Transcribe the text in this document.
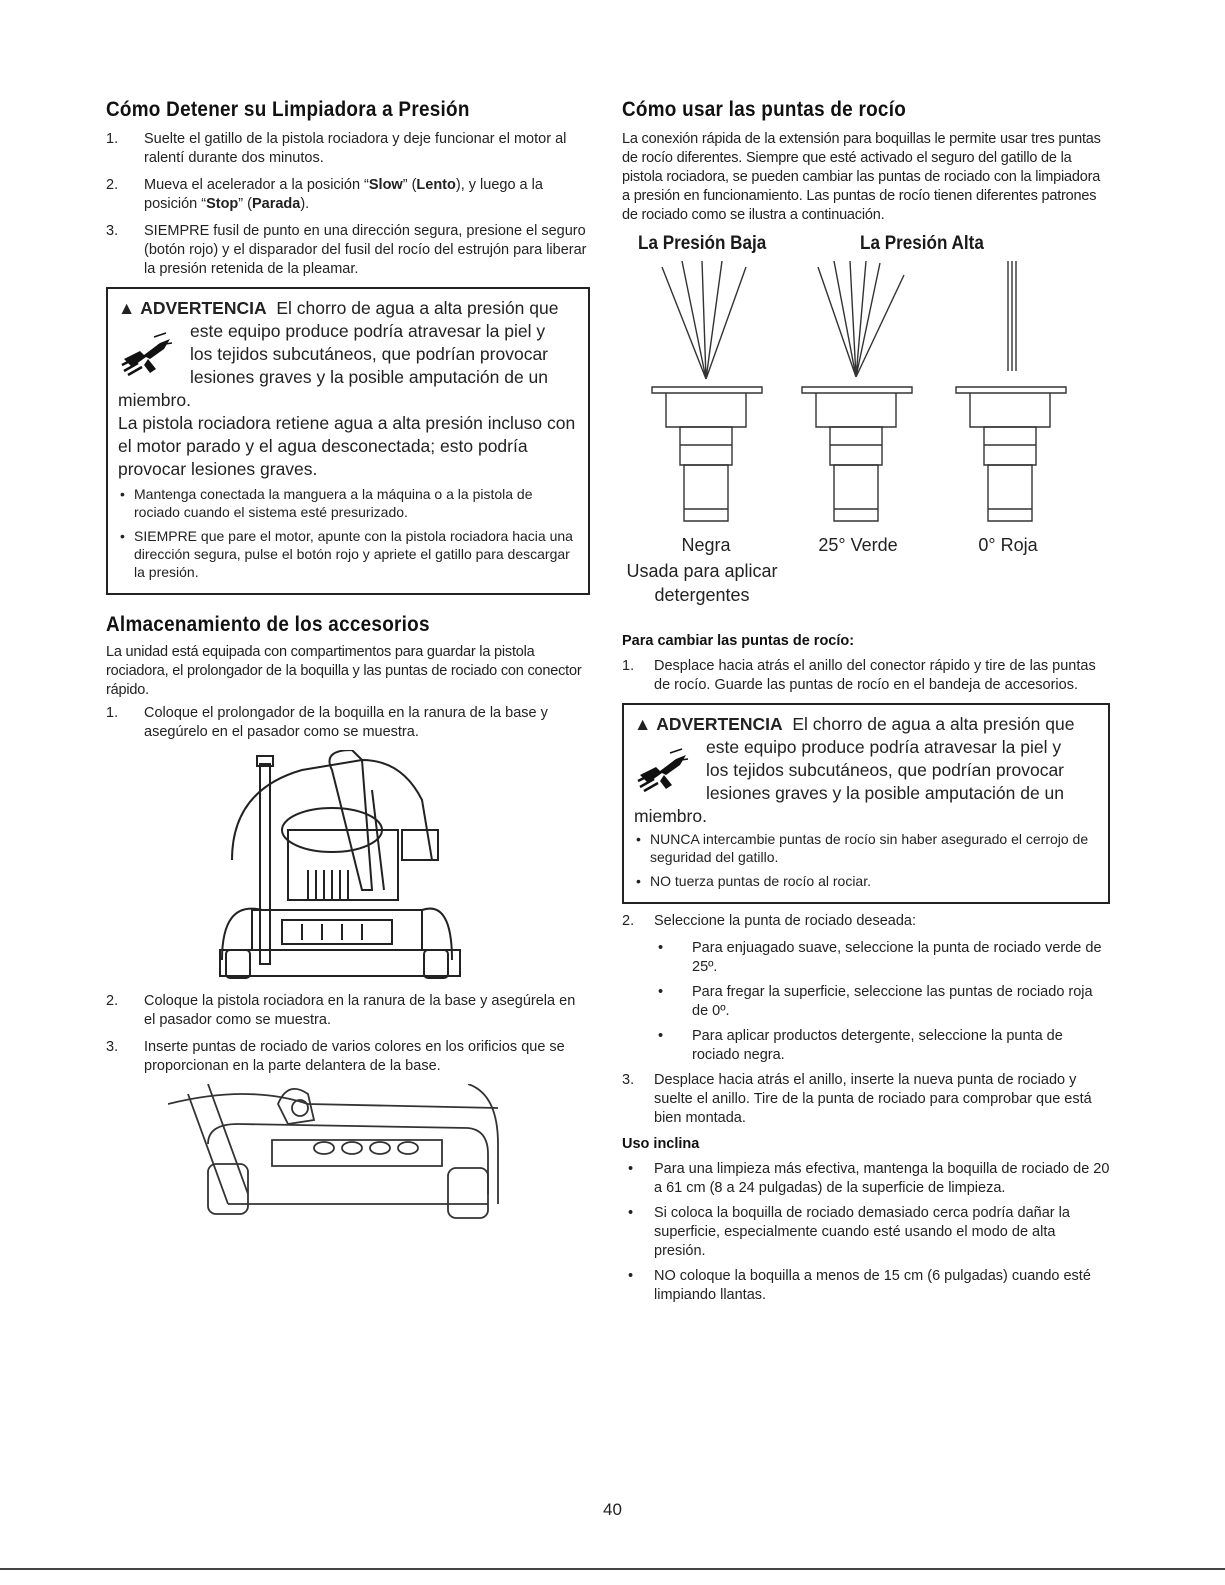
Cómo Detener su Limpiadora a Presión
1. Suelte el gatillo de la pistola rociadora y deje funcionar el motor al ralentí durante dos minutos.
2. Mueva el acelerador a la posición “Slow” (Lento), y luego a la posición “Stop” (Parada).
3. SIEMPRE fusil de punto en una dirección segura, presione el seguro (botón rojo) y el disparador del fusil del rocío del estrujón para liberar la presión retenida de la pleamar.
▲ ADVERTENCIA El chorro de agua a alta presión que
este equipo produce podría atravesar la piel y
los tejidos subcutáneos, que podrían provocar
lesiones graves y la posible amputación de un
miembro.
La pistola rociadora retiene agua a alta presión incluso con el motor parado y el agua desconectada; esto podría provocar lesiones graves.
• Mantenga conectada la manguera a la máquina o a la pistola de rociado cuando el sistema esté presurizado.
• SIEMPRE que pare el motor, apunte con la pistola rociadora hacia una dirección segura, pulse el botón rojo y apriete el gatillo para descargar la presión.
Almacenamiento de los accesorios

La unidad está equipada con compartimentos para guardar la pistola rociadora, el prolongador de la boquilla y las puntas de rociado con conector rápido.

1. Coloque el prolongador de la boquilla en la ranura de la base y asegúrelo en el pasador como se muestra.
2. Coloque la pistola rociadora en la ranura de la base y asegúrela en el pasador como se muestra.
3. Inserte puntas de rociado de varios colores en los orificios que se proporcionan en la parte delantera de la base.
Cómo usar las puntas de rocío

La conexión rápida de la extensión para boquillas le permite usar tres puntas de rocío diferentes. Siempre que esté activado el seguro del gatillo de la pistola rociadora, se pueden cambiar las puntas de rociado con la limpiadora a presión en funcionamiento. Las puntas de rocío tienen diferentes patrones de rociado como se ilustra a continuación.

La Presión Baja	La Presión Alta
Negra	25° Verde	0° Roja
Usada para aplicar
detergentes
Para cambiar las puntas de rocío:
1. Desplace hacia atrás el anillo del conector rápido y tire de las puntas de rocío. Guarde las puntas de rocío en el bandeja de accesorios.
▲ ADVERTENCIA El chorro de agua a alta presión que
este equipo produce podría atravesar la piel y
los tejidos subcutáneos, que podrían provocar
lesiones graves y la posible amputación de un
miembro.
• NUNCA intercambie puntas de rocío sin haber asegurado el cerrojo de seguridad del gatillo.
• NO tuerza puntas de rocío al rociar.
2. Seleccione la punta de rociado deseada:
• Para enjuagado suave, seleccione la punta de rociado verde de 25º.
• Para fregar la superficie, seleccione las puntas de rociado roja de 0º.
• Para aplicar productos detergente, seleccione la punta de rociado negra.
3. Desplace hacia atrás el anillo, inserte la nueva punta de rociado y suelte el anillo. Tire de la punta de rociado para comprobar que está bien montada.
Uso inclina
• Para una limpieza más efectiva, mantenga la boquilla de rociado de 20 a 61 cm (8 a 24 pulgadas) de la superficie de limpieza.
• Si coloca la boquilla de rociado demasiado cerca podría dañar la superficie, especialmente cuando esté usando el modo de alta presión.
• NO coloque la boquilla a menos de 15 cm (6 pulgadas) cuando esté limpiando llantas.
40
